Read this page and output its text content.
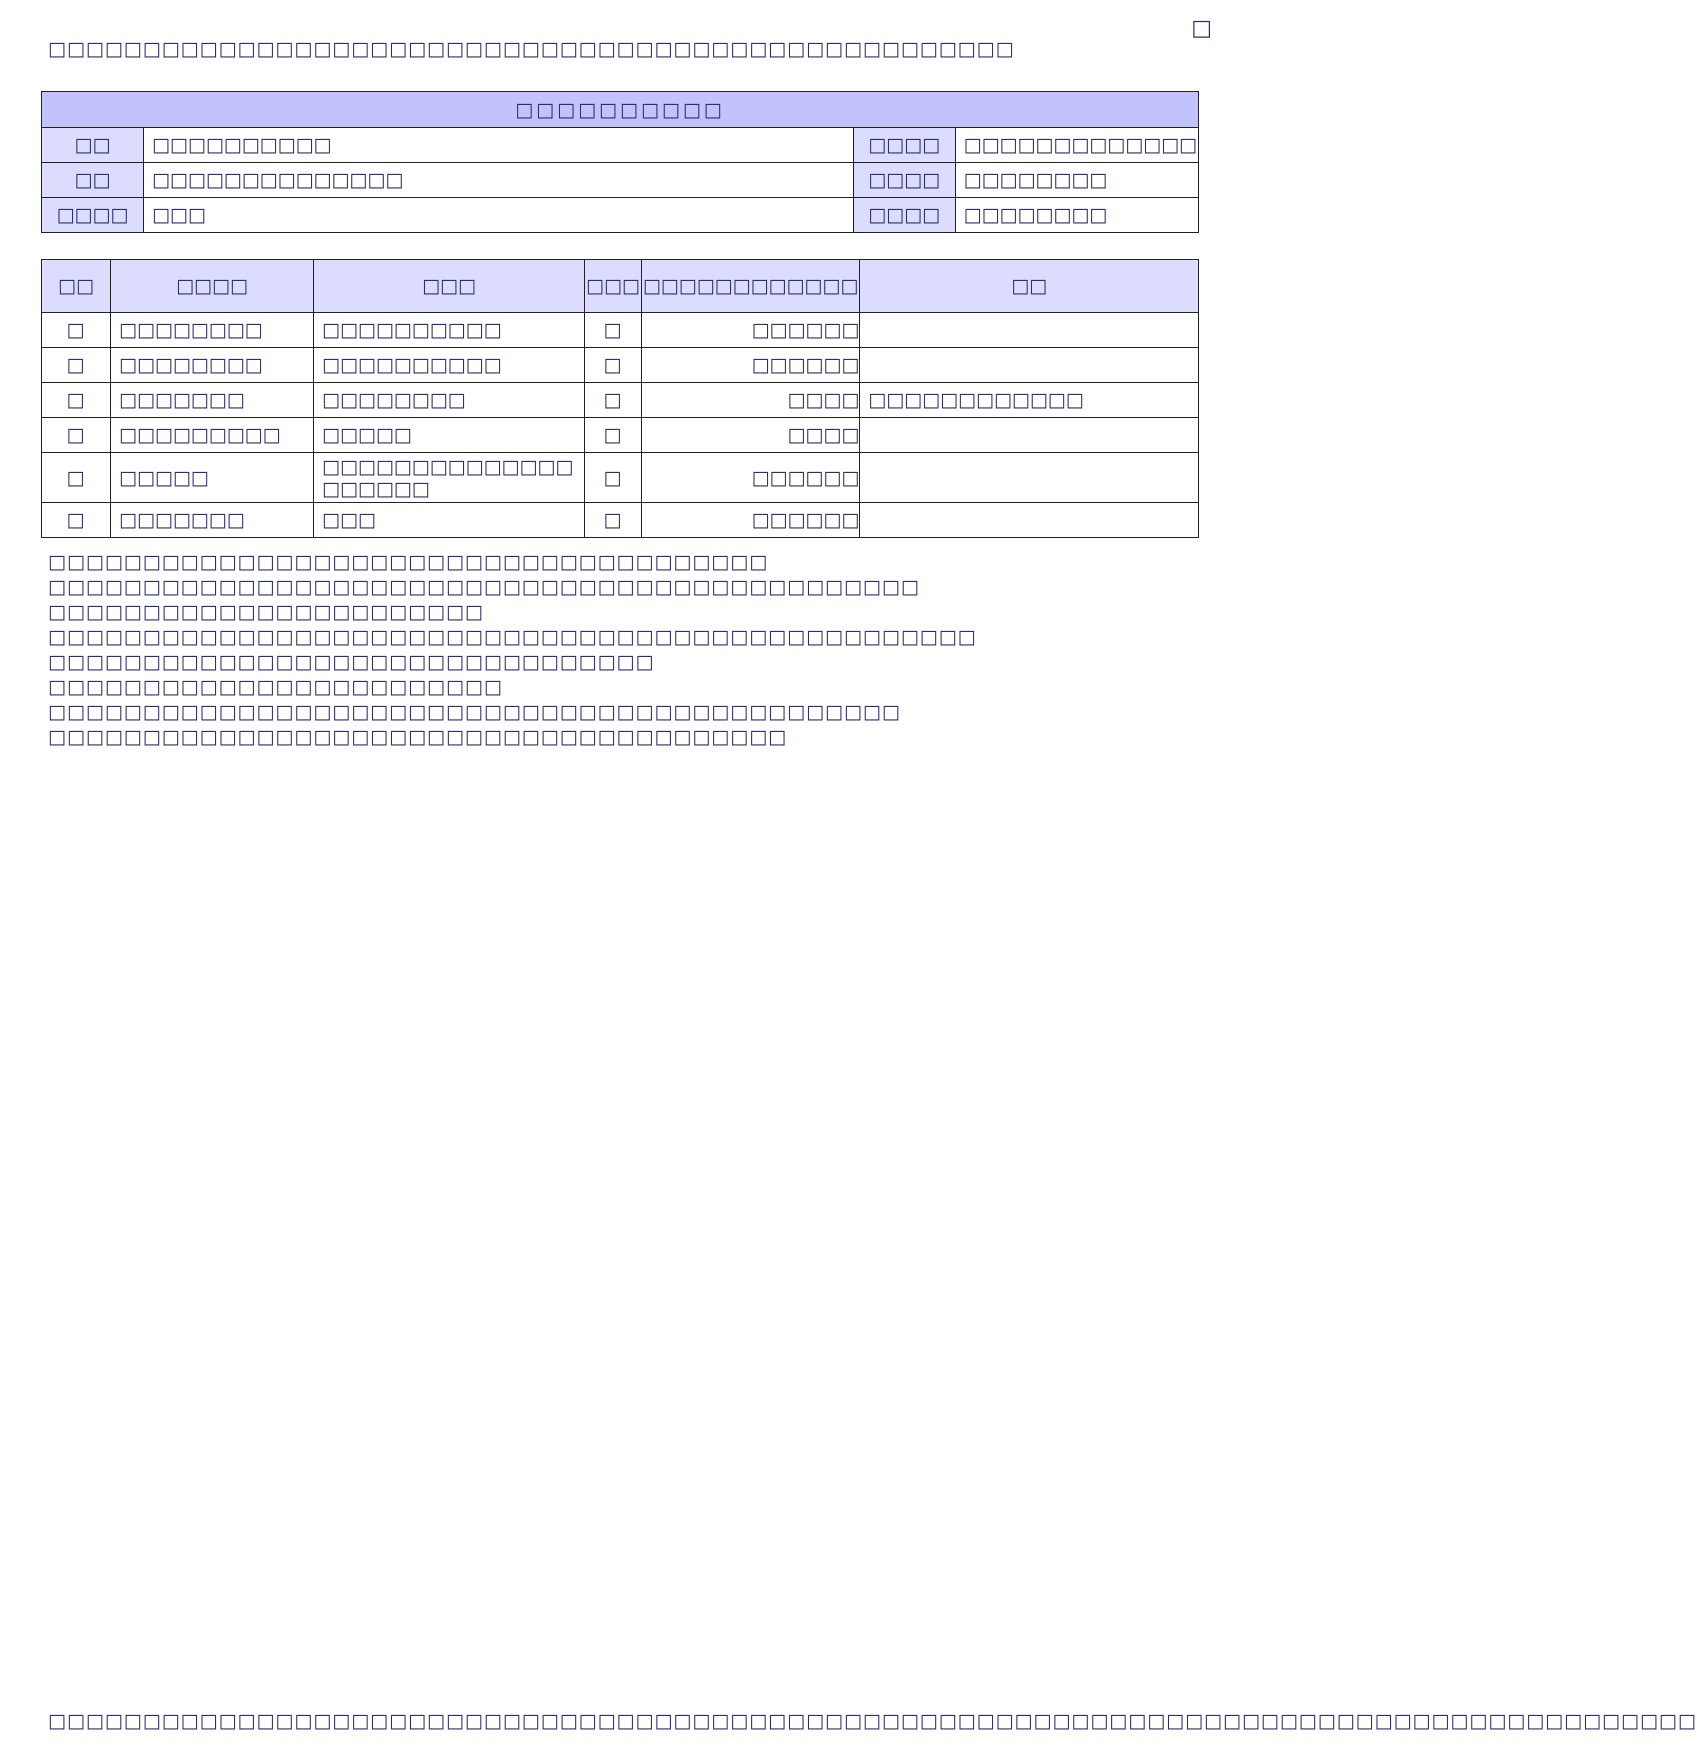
□
□□□□□□□□□□□□□□□□□□□□□□□□□□□□□□□□□□□□□□□□□□□□□□□□□□□
□□□□□□□□□□			
□□	□□□□□□□□□□	□□□□	□□□□□□□□□□□□□
□□	□□□□□□□□□□□□□□	□□□□	□□□□□□□□
□□□□	□□□	□□□□	□□□□□□□□
□□	□□□□	□□□	□□□	□□□□□□□□□□□□	□□
□	□□□□□□□□	□□□□□□□□□□	□	□□□□□□	
□	□□□□□□□□	□□□□□□□□□□	□	□□□□□□	
□	□□□□□□□	□□□□□□□□	□	□□□□	□□□□□□□□□□□□
□	□□□□□□□□□	□□□□□	□	□□□□	
□	□□□□□	□□□□□□□□□□□□□□□□□□□□	□	□□□□□□	
□	□□□□□□□	□□□	□	□□□□□□	
□□□□□□□□□□□□□□□□□□□□□□□□□□□□□□□□□□□□□□
□□□□□□□□□□□□□□□□□□□□□□□□□□□□□□□□□□□□□□□□□□□□□□
□□□□□□□□□□□□□□□□□□□□□□□
□□□□□□□□□□□□□□□□□□□□□□□□□□□□□□□□□□□□□□□□□□□□□□□□□
□□□□□□□□□□□□□□□□□□□□□□□□□□□□□□□□
□□□□□□□□□□□□□□□□□□□□□□□□
□□□□□□□□□□□□□□□□□□□□□□□□□□□□□□□□□□□□□□□□□□□□□
□□□□□□□□□□□□□□□□□□□□□□□□□□□□□□□□□□□□□□□
□□□□□□□□□□□□□□□□□□□□□□□□□□□□□□□□□□□□□□□□□□□□□□□□□□□□□□□□□□□□□□□□□□□□□□□□□□□□□□□□□□□□□□□
